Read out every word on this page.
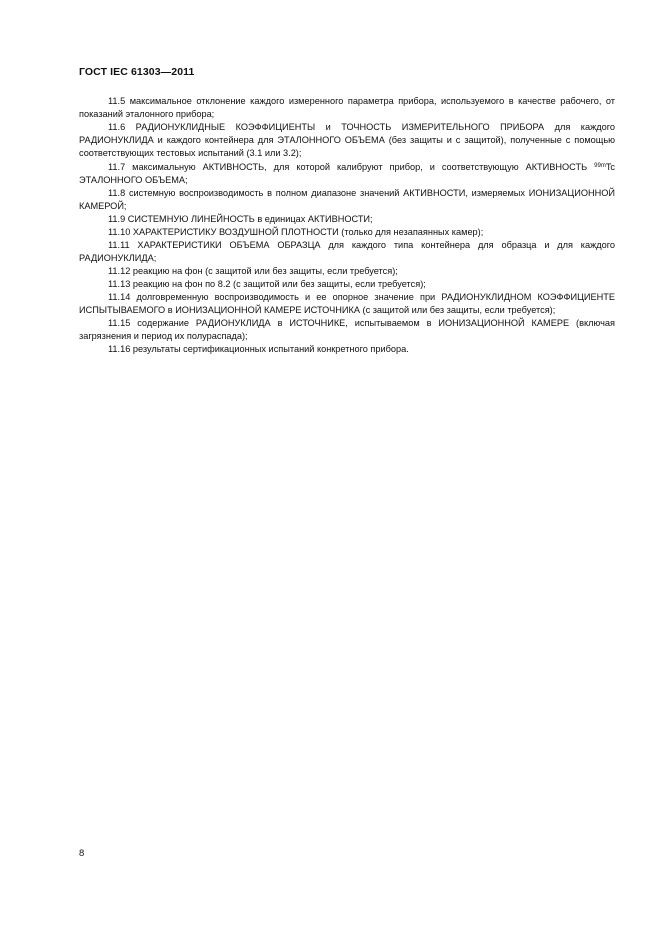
ГОСТ IEC 61303—2011

11.5 максимальное отклонение каждого измеренного параметра прибора, используемого в качестве рабочего, от показаний эталонного прибора;

11.6 РАДИОНУКЛИДНЫЕ КОЭФФИЦИЕНТЫ и ТОЧНОСТЬ ИЗМЕРИТЕЛЬНОГО ПРИБОРА для каждого РАДИОНУКЛИДА и каждого контейнера для ЭТАЛОННОГО ОБЪЕМА (без защиты и с защитой), полученные с помощью соответствующих тестовых испытаний (3.1 или 3.2);

11.7 максимальную АКТИВНОСТЬ, для которой калибруют прибор, и соответствующую АКТИВНОСТЬ $^{99m}$Tc ЭТАЛОННОГО ОБЪЕМА;

11.8 системную воспроизводимость в полном диапазоне значений АКТИВНОСТИ, измеряемых ИОНИЗАЦИОННОЙ КАМЕРОЙ;

11.9 СИСТЕМНУЮ ЛИНЕЙНОСТЬ в единицах АКТИВНОСТИ;

11.10 ХАРАКТЕРИСТИКУ ВОЗДУШНОЙ ПЛОТНОСТИ (только для незапаянных камер);

11.11 ХАРАКТЕРИСТИКИ ОБЪЕМА ОБРАЗЦА для каждого типа контейнера для образца и для каждого РАДИОНУКЛИДА;

11.12 реакцию на фон (с защитой или без защиты, если требуется);

11.13 реакцию на фон по 8.2 (с защитой или без защиты, если требуется);

11.14 долговременную воспроизводимость и ее опорное значение при РАДИОНУКЛИДНОМ КОЭФФИЦИЕНТЕ ИСПЫТЫВАЕМОГО в ИОНИЗАЦИОННОЙ КАМЕРЕ ИСТОЧНИКА (с защитой или без защиты, если требуется);

11.15 содержание РАДИОНУКЛИДА в ИСТОЧНИКЕ, испытываемом в ИОНИЗАЦИОННОЙ КАМЕРЕ (включая загрязнения и период их полураспада);

11.16 результаты сертификационных испытаний конкретного прибора.

8
